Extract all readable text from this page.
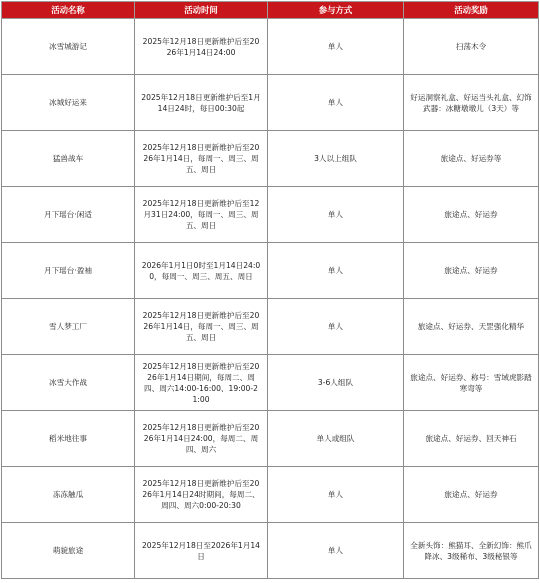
活动名称	活动时间	参与方式	活动奖励
冰雪城游记	2025年12月18日更新维护后至2026年1月14日24:00	单人	扫荡木令
冰城好运来	2025年12月18日更新维护后至1月14日24时，每日00:30起	单人	好运洞察礼盒、好运当头礼盒、幻饰武器：冰糖墩墩儿（3天）等
猛兽战车	2025年12月18日更新维护后至2026年1月14日，每周一、周三、周五、周日	3人以上组队	旅途点、好运券等
月下瑶台·闲适	2025年12月18日更新维护后至12月31日24:00，每周一、周三、周五、周日	单人	旅途点、好运券
月下瑶台·盈袖	2026年1月1日0时至1月14日24:00，每周一、周三、周五、周日	单人	旅途点、好运券
雪人梦工厂	2025年12月18日更新维护后至2026年1月14日，每周一、周三、周五、周日	单人	旅途点、好运券、天罡强化精华
冰雪大作战	2025年12月18日更新维护后至2026年1月14日期间，每周二、周四、周六14:00-16:00、19:00-21:00	3-6人组队	旅途点、好运券、称号：雪域虎影踏寒弯等
稻米地往事	2025年12月18日更新维护后至2026年1月14日24:00，每周二、周四、周六	单人或组队	旅途点、好运券、回天神石
冻冻触瓜	2025年12月18日更新维护后至2026年1月14日24时期间，每周二、周四、周六0:00-20:30	单人	旅途点、好运券
萌貌旅途	2025年12月18日至2026年1月14日	单人	全新头饰：熊猫耳、全新幻饰：熊爪降冰、3级稀布、3级秘银等
